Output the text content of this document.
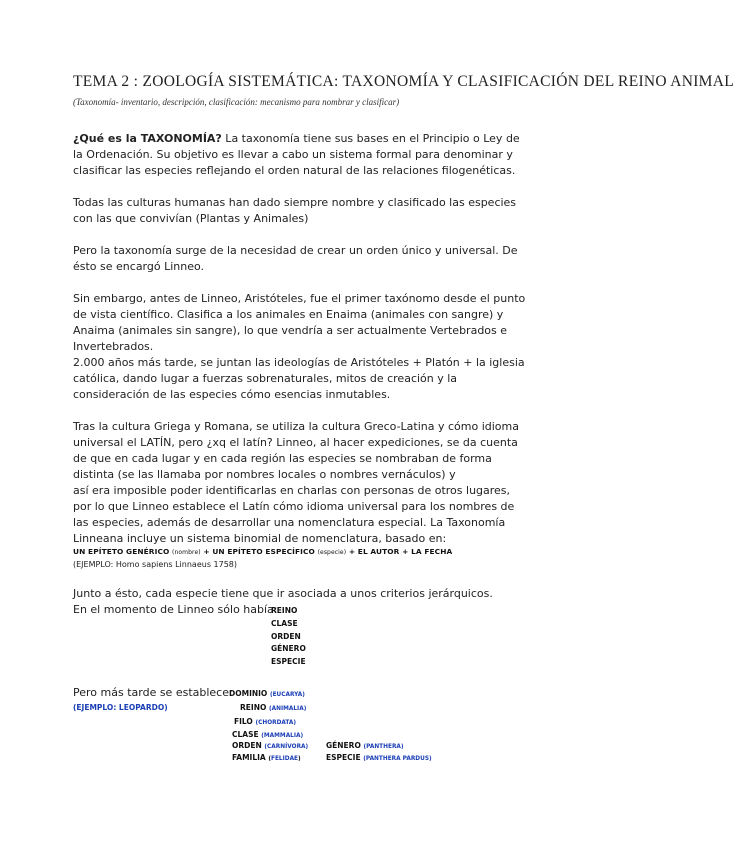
TEMA 2 : ZOOLOGÍA SISTEMÁTICA: TAXONOMÍA Y CLASIFICACIÓN DEL REINO ANIMAL
(Taxonomía- inventario, descripción, clasificación: mecanismo para nombrar y clasificar)
¿Qué es la TAXONOMÍA? La taxonomía tiene sus bases en el Principio o Ley de la Ordenación. Su objetivo es llevar a cabo un sistema formal para denominar y clasificar las especies reflejando el orden natural de las relaciones filogenéticas.
Todas las culturas humanas han dado siempre nombre y clasificado las especies con las que convivían (Plantas y Animales)
Pero la taxonomía surge de la necesidad de crear un orden único y universal. De ésto se encargó Linneo.
Sin embargo, antes de Linneo, Aristóteles, fue el primer taxónomo desde el punto de vista científico. Clasifica a los animales en Enaima (animales con sangre) y Anaima (animales sin sangre), lo que vendría a ser actualmente Vertebrados e Invertebrados.
2.000 años más tarde, se juntan las ideologías de Aristóteles + Platón + la iglesia católica, dando lugar a fuerzas sobrenaturales, mitos de creación y la consideración de las especies cómo esencias inmutables.
Tras la cultura Griega y Romana, se utiliza la cultura Greco-Latina y cómo idioma universal el LATÍN, pero ¿xq el latín? Linneo, al hacer expediciones, se da cuenta de que en cada lugar y en cada región las especies se nombraban de forma distinta (se las llamaba por nombres locales o nombres vernáculos) y
así era imposible poder identificarlas en charlas con personas de otros lugares, por lo que Linneo establece el Latín cómo idioma universal para los nombres de las especies, además de desarrollar una nomenclatura especial. La Taxonomía Linneana incluye un sistema binomial de nomenclatura, basado en:
UN EPÍTETO GENÉRICO (nombre) + UN EPÍTETO ESPECÍFICO (especie) + EL AUTOR + LA FECHA
(EJEMPLO: Homo sapiens Linnaeus 1758)
Junto a ésto, cada especie tiene que ir asociada a unos criterios jerárquicos.
En el momento de Linneo sólo había:
REINO
CLASE
ORDEN
GÉNERO
ESPECIE
Pero más tarde se establece:
(EJEMPLO: LEOPARDO)
DOMINIO (EUCARYA)
REINO (ANIMALIA)
FILO (CHORDATA)
CLASE (MAMMALIA)
ORDEN (CARNÍVORA)
FAMILIA (FELIDAE)
GÉNERO (PANTHERA)
ESPECIE (PANTHERA PARDUS)
